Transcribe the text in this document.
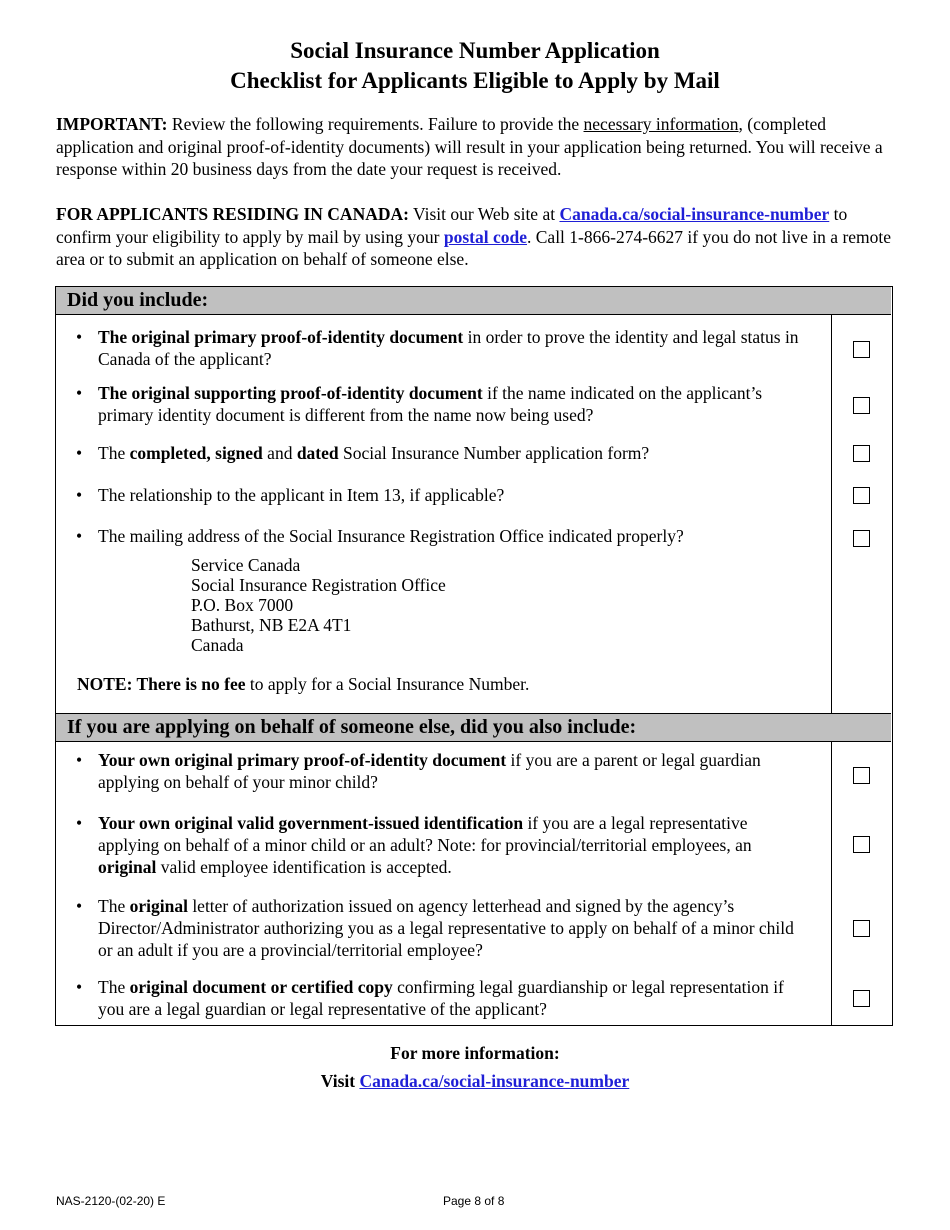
Social Insurance Number Application
Checklist for Applicants Eligible to Apply by Mail
IMPORTANT: Review the following requirements. Failure to provide the necessary information, (completed application and original proof-of-identity documents) will result in your application being returned. You will receive a response within 20 business days from the date your request is received.
FOR APPLICANTS RESIDING IN CANADA: Visit our Web site at Canada.ca/social-insurance-number to confirm your eligibility to apply by mail by using your postal code. Call 1-866-274-6627 if you do not live in a remote area or to submit an application on behalf of someone else.
Did you include:
• The original primary proof-of-identity document in order to prove the identity and legal status in Canada of the applicant?
• The original supporting proof-of-identity document if the name indicated on the applicant’s primary identity document is different from the name now being used?
• The completed, signed and dated Social Insurance Number application form?
• The relationship to the applicant in Item 13, if applicable?
• The mailing address of the Social Insurance Registration Office indicated properly?
Service Canada
Social Insurance Registration Office
P.O. Box 7000
Bathurst, NB E2A 4T1
Canada
NOTE: There is no fee to apply for a Social Insurance Number.
If you are applying on behalf of someone else, did you also include:
• Your own original primary proof-of-identity document if you are a parent or legal guardian applying on behalf of your minor child?
• Your own original valid government-issued identification if you are a legal representative applying on behalf of a minor child or an adult? Note: for provincial/territorial employees, an original valid employee identification is accepted.
• The original letter of authorization issued on agency letterhead and signed by the agency’s Director/Administrator authorizing you as a legal representative to apply on behalf of a minor child or an adult if you are a provincial/territorial employee?
• The original document or certified copy confirming legal guardianship or legal representation if you are a legal guardian or legal representative of the applicant?
For more information:
Visit Canada.ca/social-insurance-number
NAS-2120-(02-20) E	Page 8 of 8
